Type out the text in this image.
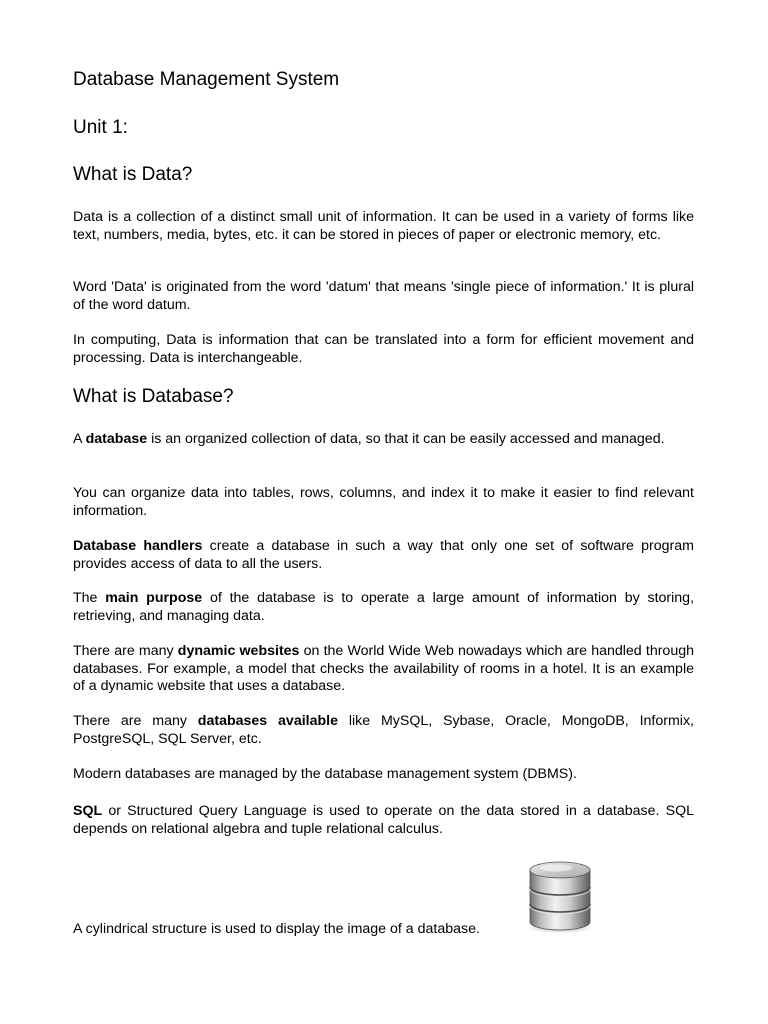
Database Management System
Unit 1:
What is Data?

Data is a collection of a distinct small unit of information. It can be used in a variety of forms like text, numbers, media, bytes, etc. it can be stored in pieces of paper or electronic memory, etc.

Word 'Data' is originated from the word 'datum' that means 'single piece of information.' It is plural of the word datum.

In computing, Data is information that can be translated into a form for efficient movement and processing. Data is interchangeable.

What is Database?

A database is an organized collection of data, so that it can be easily accessed and managed.

You can organize data into tables, rows, columns, and index it to make it easier to find relevant information.

Database handlers create a database in such a way that only one set of software program provides access of data to all the users.

The main purpose of the database is to operate a large amount of information by storing, retrieving, and managing data.

There are many dynamic websites on the World Wide Web nowadays which are handled through databases. For example, a model that checks the availability of rooms in a hotel. It is an example of a dynamic website that uses a database.

There are many databases available like MySQL, Sybase, Oracle, MongoDB, Informix, PostgreSQL, SQL Server, etc.

Modern databases are managed by the database management system (DBMS).

SQL or Structured Query Language is used to operate on the data stored in a database. SQL depends on relational algebra and tuple relational calculus.

A cylindrical structure is used to display the image of a database.
